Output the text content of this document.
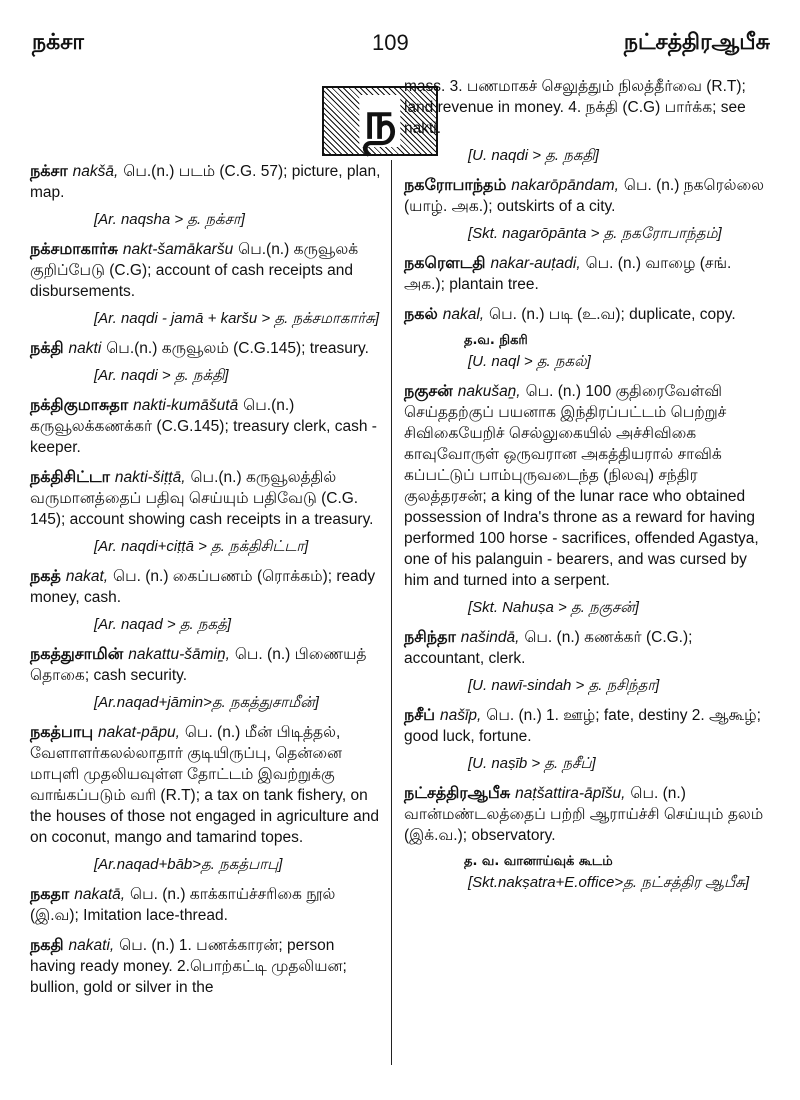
நக்சா	109	நட்சத்திரஆபீசு
ந
நக்சா nakšā, பெ.(n.) படம் (C.G. 57); picture, plan, map.
[Ar. naqsha > த. நக்சா]
நக்சமாகார்சு nakt-šamākaršu பெ.(n.) கருவூலக் குறிப்பேடு (C.G); account of cash receipts and disbursements.
[Ar. naqdi - jamā + karšu > த. நக்சமாகார்சு]
நக்தி nakti பெ.(n.) கருவூலம் (C.G.145); treasury.
[Ar. naqdi > த. நக்தி]
நக்திகுமாசுதா nakti-kumāšutā பெ.(n.) கருவூலக்கணக்கர் (C.G.145); treasury clerk, cash - keeper.
நக்திசிட்டா nakti-šiṭṭā, பெ.(n.) கருவூலத்தில் வருமானத்தைப் பதிவு செய்யும் பதிவேடு (C.G. 145); account showing cash receipts in a treasury.
[Ar. naqdi+ciṭṭā > த. நக்திசிட்டா]
நகத் nakat, பெ. (n.) கைப்பணம் (ரொக்கம்); ready money, cash.
[Ar. naqad > த. நகத்]
நகத்துசாமின் nakattu-šāmiṉ, பெ. (n.) பிணையத் தொகை; cash security.
[Ar.naqad+jāmin>த. நகத்துசாமீன்]
நகத்பாபு nakat-pāpu, பெ. (n.) மீன் பிடித்தல், வேளாளர்கலல்லாதார் குடியிருப்பு, தென்னை மாபுளி முதலியவுள்ள தோட்டம் இவற்றுக்கு வாங்கப்படும் வரி (R.T); a tax on tank fishery, on the houses of those not engaged in agriculture and on coconut, mango and tamarind topes.
[Ar.naqad+bāb>த. நகத்பாபு]
நகதா nakatā, பெ. (n.) காக்காய்ச்சரிகை நூல் (இ.வ); Imitation lace-thread.
நகதி nakati, பெ. (n.) 1. பணக்காரன்; person having ready money. 2.பொற்கட்டி முதலியன; bullion, gold or silver in the
mass. 3. பணமாகச் செலுத்தும் நிலத்தீர்வை (R.T); land revenue in money. 4. நக்தி (C.G) பார்க்க; see nakti.
[U. naqdi > த. நகதி]
நகரோபாந்தம் nakarōpāndam, பெ. (n.) நகரெல்லை (யாழ். அக.); outskirts of a city.
[Skt. nagarōpānta > த. நகரோபாந்தம்]
நகரௌடதி nakar-auṭadi, பெ. (n.) வாழை (சங். அக.); plantain tree.
நகல் nakal, பெ. (n.) படி (உ.வ); duplicate, copy.
த.வ. நிகரி
[U. naql > த. நகல்]
நகுசன் nakušaṉ, பெ. (n.) 100 குதிரைவேள்வி செய்ததற்குப் பயனாக இந்திரப்பட்டம் பெற்றுச் சிவிகையேறிச் செல்லுகையில் அச்சிவிகை காவுவோருள் ஒருவரான அகத்தியரால் சாவிக் கப்பட்டுப் பாம்புருவடைந்த (நிலவு) சந்திர குலத்தரசன்; a king of the lunar race who obtained possession of Indra's throne as a reward for having performed 100 horse - sacrifices, offended Agastya, one of his palanguin - bearers, and was cursed by him and turned into a serpent.
[Skt. Nahuṣa > த. நகுசன்]
நசிந்தா našindā, பெ. (n.) கணக்கர் (C.G.); accountant, clerk.
[U. nawī-sindah > த. நசிந்தா]
நசீப் našīp, பெ. (n.) 1. ஊழ்; fate, destiny 2. ஆகூழ்; good luck, fortune.
[U. naṣīb > த. நசீப்]
நட்சத்திரஆபீசு naṭšattira-āpīšu, பெ. (n.) வான்மண்டலத்தைப் பற்றி ஆராய்ச்சி செய்யும் தலம் (இக்.வ.); observatory.
த. வ. வானாய்வுக் கூடம்
[Skt.nakṣatra+E.office>த. நட்சத்திர ஆபீசு]
